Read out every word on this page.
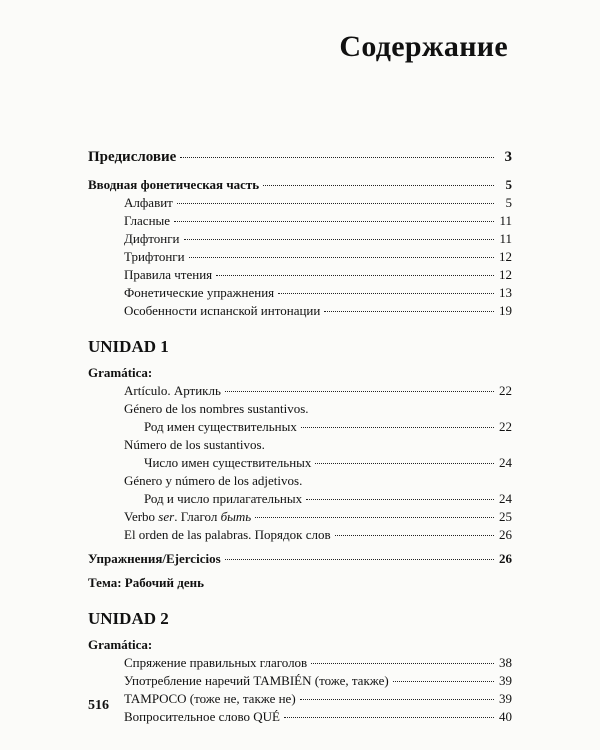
Содержание
Предисловие	3
Вводная фонетическая часть	5
Алфавит	5
Гласные	11
Дифтонги	11
Трифтонги	12
Правила чтения	12
Фонетические упражнения	13
Особенности испанской интонации	19
UNIDAD 1
Gramática:
Artículo. Артикль	22
Género de los nombres sustantivos.
Род имен существительных	22
Número de los sustantivos.
Число имен существительных	24
Género y número de los adjetivos.
Род и число прилагательных	24
Verbo ser. Глагол быть	25
El orden de las palabras. Порядок слов	26
Упражнения/Ejercicios	26
Тема: Рабочий день
UNIDAD 2
Gramática:
Спряжение правильных глаголов	38
Употребление наречий TAMBIÉN (тоже, также)	39
TAMPOCO (тоже не, также не)	39
Вопросительное слово QUÉ	40
516
